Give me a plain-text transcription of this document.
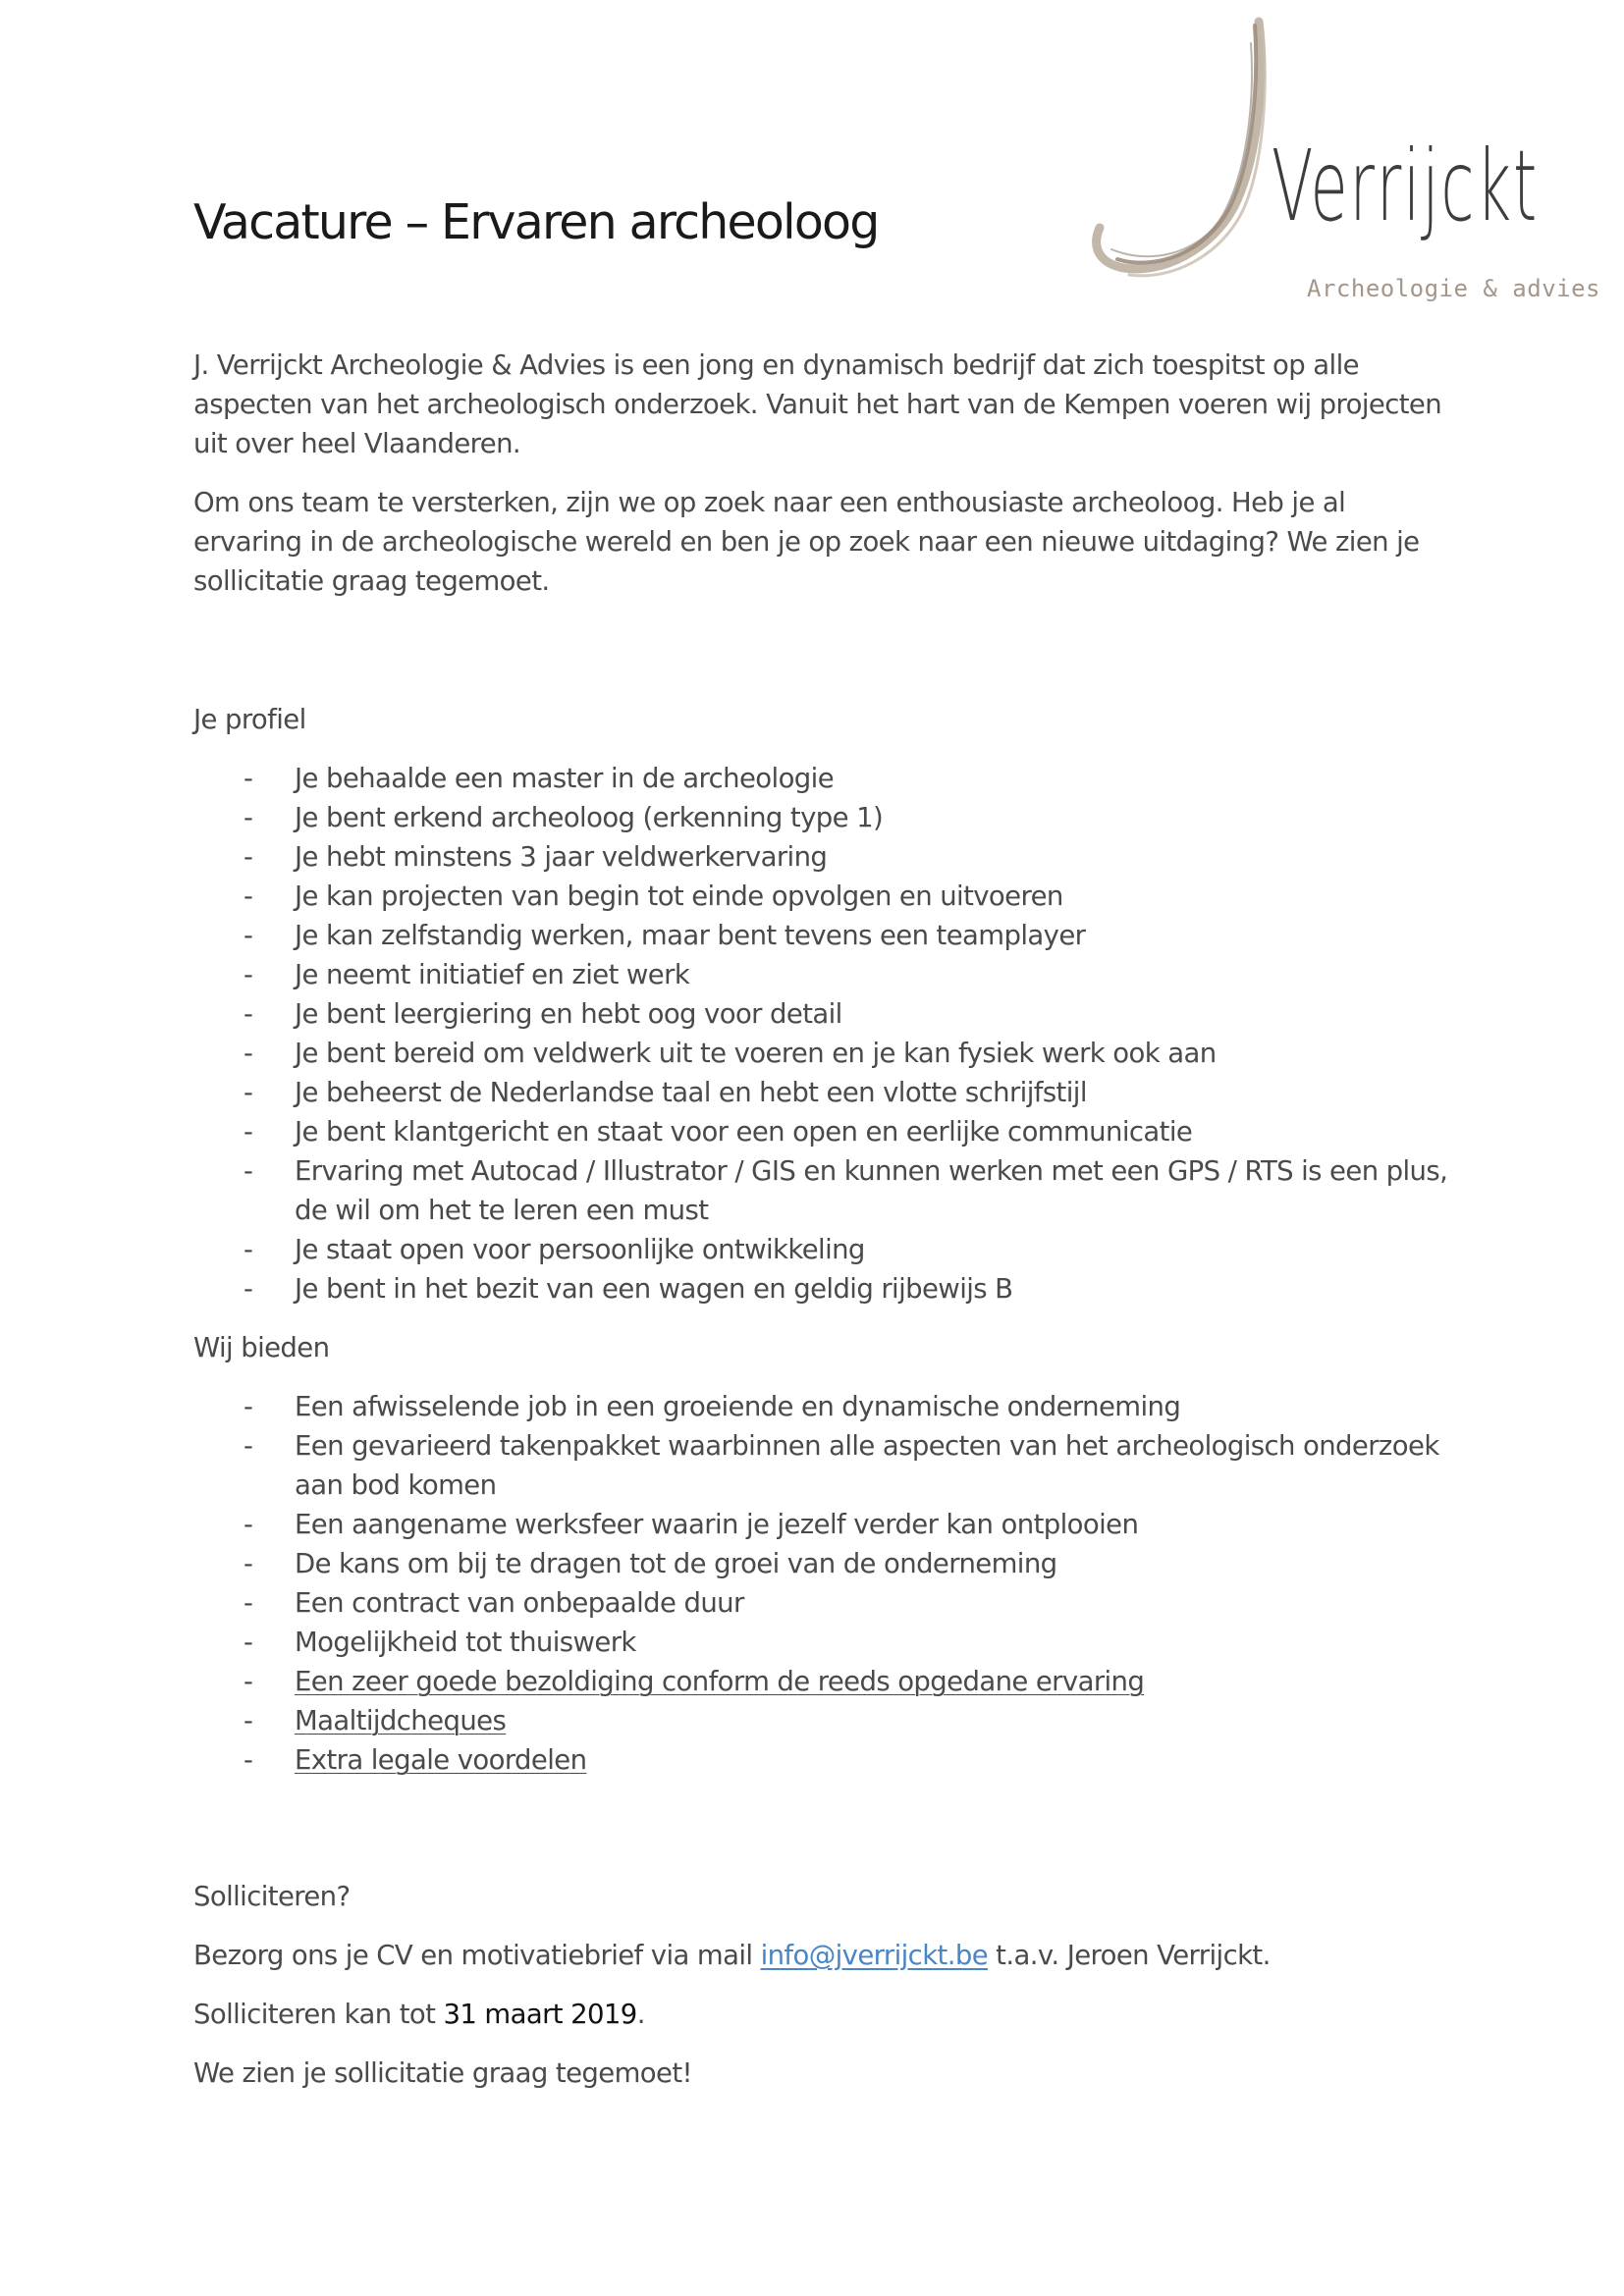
Verrijckt
Archeologie & advies
Vacature – Ervaren archeoloog

J. Verrijckt Archeologie & Advies is een jong en dynamisch bedrijf dat zich toespitst op alle aspecten van het archeologisch onderzoek. Vanuit het hart van de Kempen voeren wij projecten uit over heel Vlaanderen.

Om ons team te versterken, zijn we op zoek naar een enthousiaste archeoloog. Heb je al ervaring in de archeologische wereld en ben je op zoek naar een nieuwe uitdaging? We zien je sollicitatie graag tegemoet.

Je profiel

- Je behaalde een master in de archeologie
- Je bent erkend archeoloog (erkenning type 1)
- Je hebt minstens 3 jaar veldwerkervaring
- Je kan projecten van begin tot einde opvolgen en uitvoeren
- Je kan zelfstandig werken, maar bent tevens een teamplayer
- Je neemt initiatief en ziet werk
- Je bent leergiering en hebt oog voor detail
- Je bent bereid om veldwerk uit te voeren en je kan fysiek werk ook aan
- Je beheerst de Nederlandse taal en hebt een vlotte schrijfstijl
- Je bent klantgericht en staat voor een open en eerlijke communicatie
- Ervaring met Autocad / Illustrator / GIS en kunnen werken met een GPS / RTS is een plus, de wil om het te leren een must
- Je staat open voor persoonlijke ontwikkeling
- Je bent in het bezit van een wagen en geldig rijbewijs B

Wij bieden

- Een afwisselende job in een groeiende en dynamische onderneming
- Een gevarieerd takenpakket waarbinnen alle aspecten van het archeologisch onderzoek aan bod komen
- Een aangename werksfeer waarin je jezelf verder kan ontplooien
- De kans om bij te dragen tot de groei van de onderneming
- Een contract van onbepaalde duur
- Mogelijkheid tot thuiswerk
- Een zeer goede bezoldiging conform de reeds opgedane ervaring
- Maaltijdcheques
- Extra legale voordelen

Solliciteren?

Bezorg ons je CV en motivatiebrief via mail info@jverrijckt.be t.a.v. Jeroen Verrijckt.

Solliciteren kan tot 31 maart 2019.

We zien je sollicitatie graag tegemoet!
